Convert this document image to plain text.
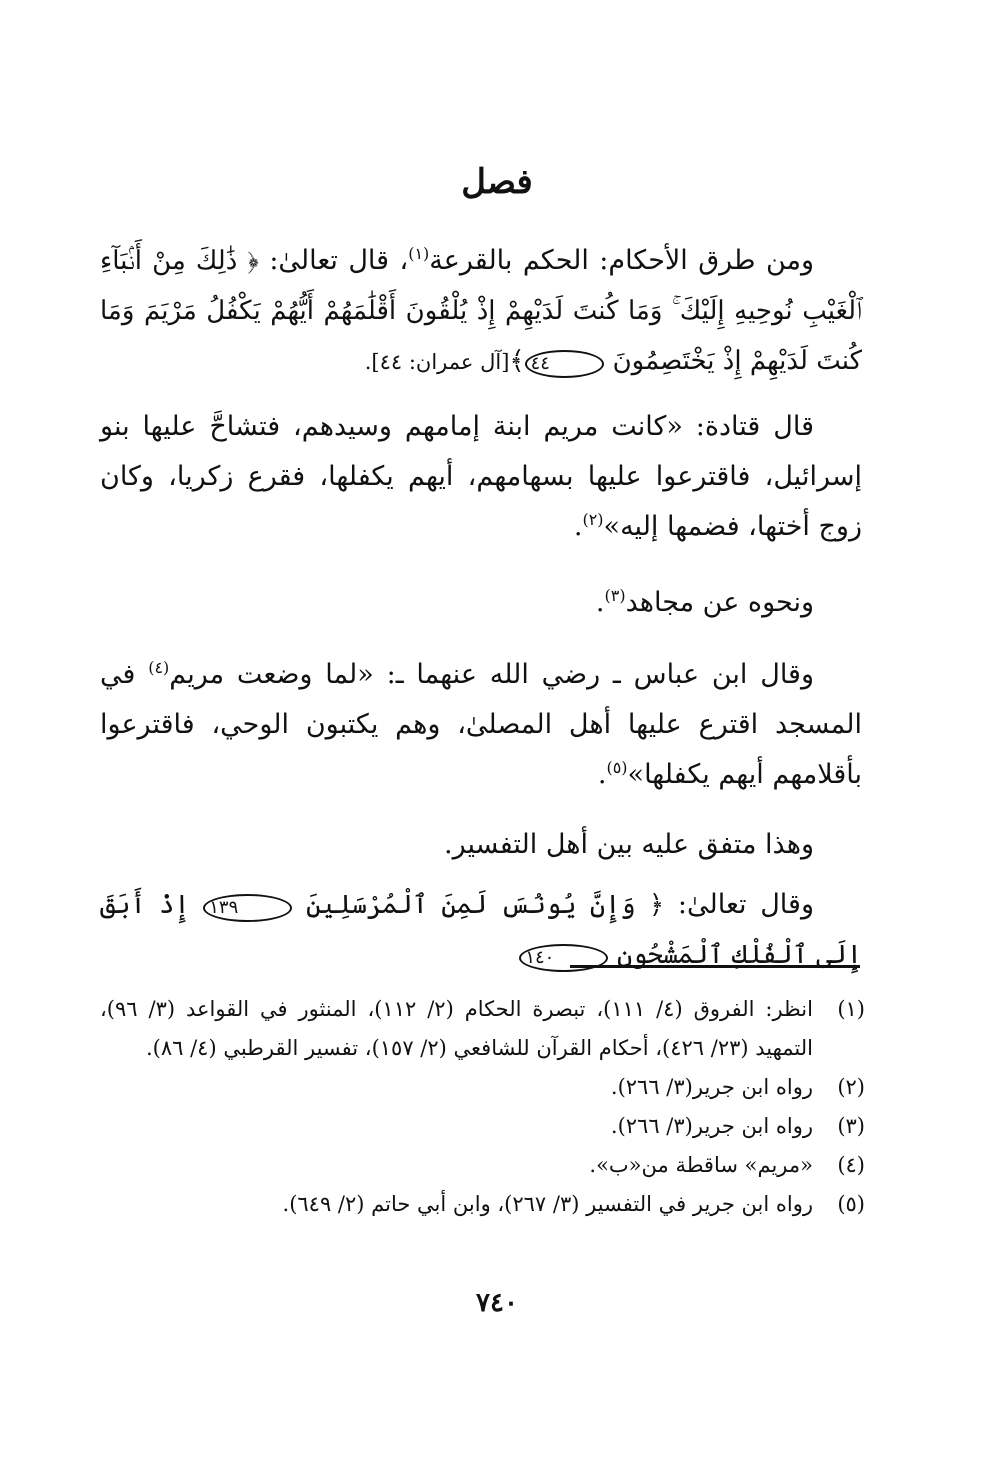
فصل

ومن طرق الأحكام: الحكم بالقرعة$^{(١)}$، قال تعالىٰ: ﴿ ذَٰلِكَ مِنْ أَنۢبَآءِ ٱلْغَيْبِ نُوحِيهِ إِلَيْكَ ۚ وَمَا كُنتَ لَدَيْهِمْ إِذْ يُلْقُونَ أَقْلَٰمَهُمْ أَيُّهُمْ يَكْفُلُ مَرْيَمَ وَمَا كُنتَ لَدَيْهِمْ إِذْ يَخْتَصِمُونَ ٤٤﴾[آل عمران: ٤٤].

قال قتادة: «كانت مريم ابنة إمامهم وسيدهم، فتشاحَّ عليها بنو إسرائيل، فاقترعوا عليها بسهامهم، أيهم يكفلها، فقرع زكريا، وكان زوج أختها، فضمها إليه»$^{(٢)}$.

ونحوه عن مجاهد$^{(٣)}$.

وقال ابن عباس ـ رضي الله عنهما ـ: «لما وضعت مريم$^{(٤)}$ في المسجد اقترع عليها أهل المصلىٰ، وهم يكتبون الوحي، فاقترعوا بأقلامهم أيهم يكفلها»$^{(٥)}$.

وهذا متفق عليه بين أهل التفسير.

وقال تعالىٰ: ﴿ وَإِنَّ يُونُسَ لَمِنَ ٱلْمُرْسَلِينَ ١٣٩ إِذْ أَبَقَ إِلَى ٱلْفُلْكِ ٱلْمَشْحُونِ ١٤٠

(١)
انظر: الفروق (٤/ ١١١)، تبصرة الحكام (٢/ ١١٢)، المنثور في القواعد (٣/ ٩٦)، التمهيد (٢٣/ ٤٢٦)، أحكام القرآن للشافعي (٢/ ١٥٧)، تفسير القرطبي (٤/ ٨٦).
(٢)
رواه ابن جرير(٣/ ٢٦٦).
(٣)
رواه ابن جرير(٣/ ٢٦٦).
(٤)
«مريم» ساقطة من«ب».
(٥)
رواه ابن جرير في التفسير (٣/ ٢٦٧)، وابن أبي حاتم (٢/ ٦٤٩).
٧٤٠
